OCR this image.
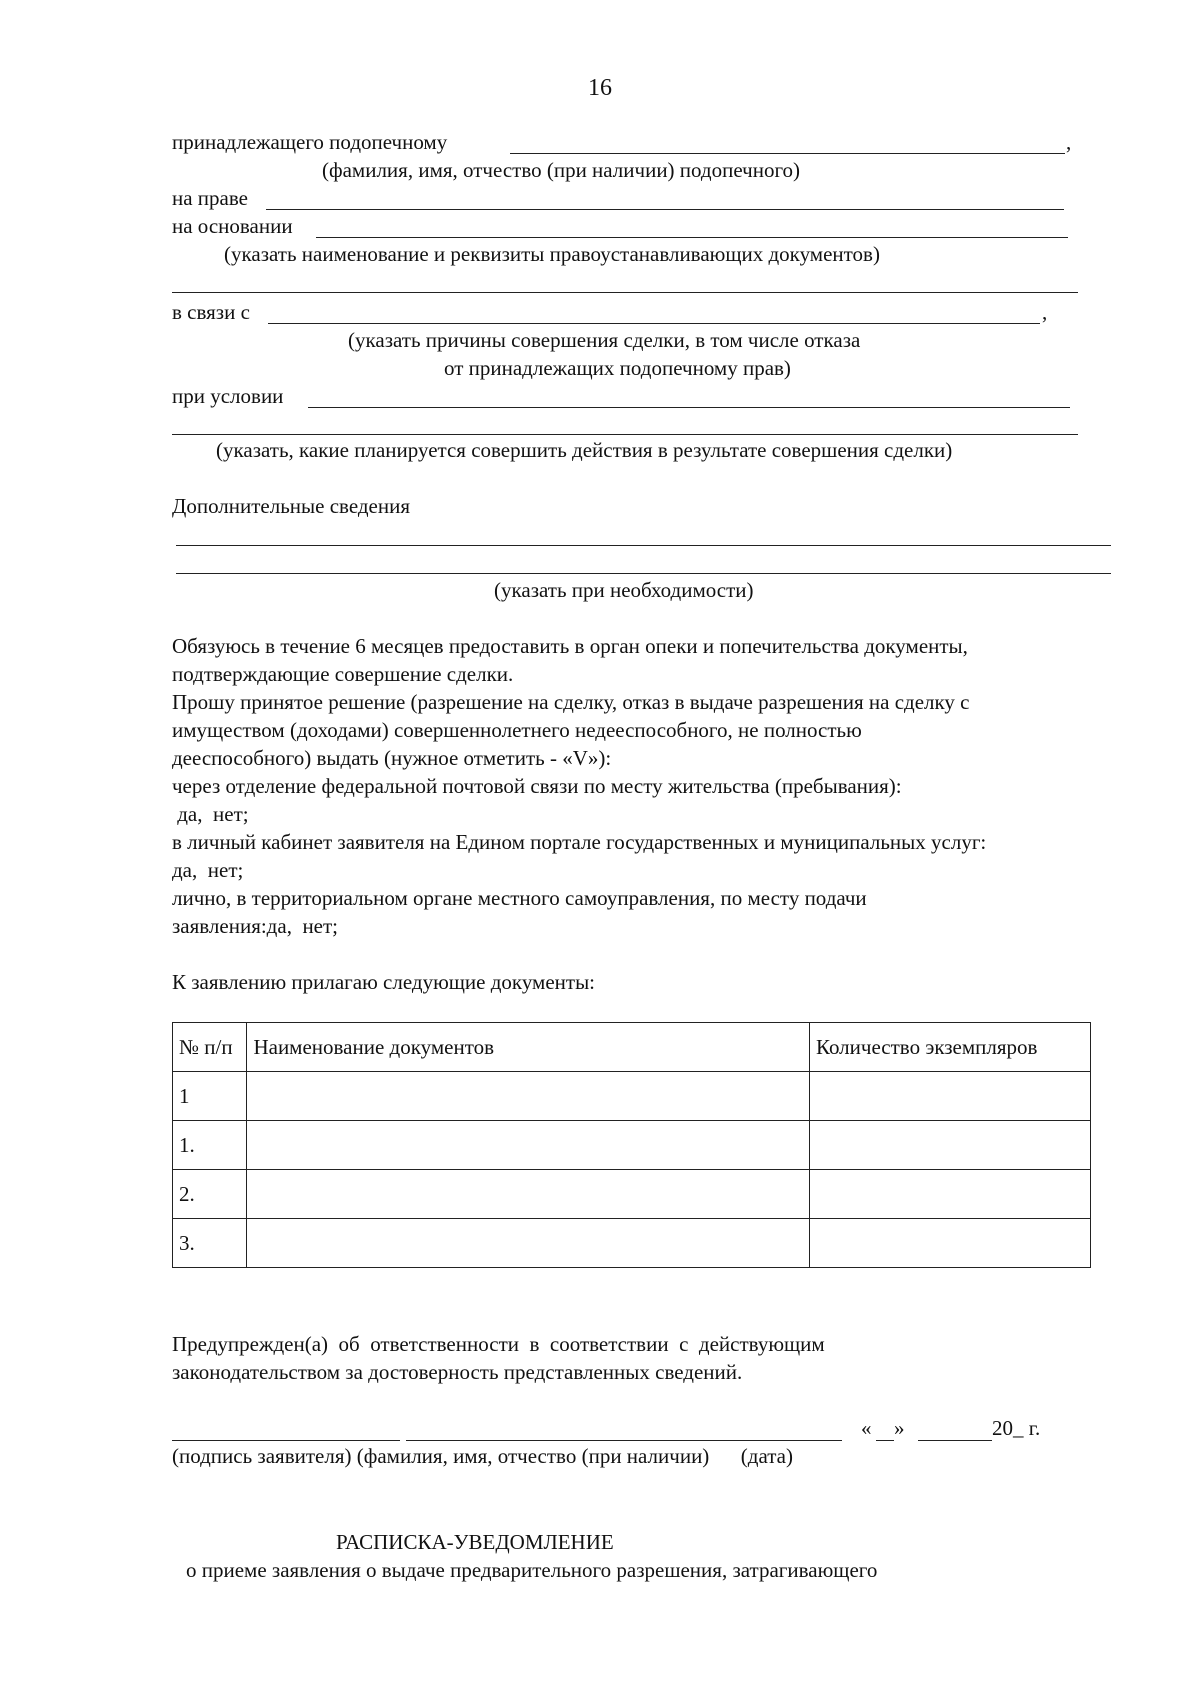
16
принадлежащего подопечному	,
(фамилия, имя, отчество (при наличии) подопечного)
на праве
на основании
(указать наименование и реквизиты правоустанавливающих документов)
в связи с	,
(указать причины совершения сделки, в том числе отказа
от принадлежащих подопечному прав)
при условии
(указать, какие планируется совершить действия в результате совершения сделки)
Дополнительные сведения
(указать при необходимости)
Обязуюсь в течение 6 месяцев предоставить в орган опеки и попечительства документы,
подтверждающие совершение сделки.
Прошу принятое решение (разрешение на сделку, отказ в выдаче разрешения на сделку с
имуществом (доходами) совершеннолетнего недееспособного, не полностью
дееспособного) выдать (нужное отметить - «V»):
через отделение федеральной почтовой связи по месту жительства (пребывания):
да,  нет;
в личный кабинет заявителя на Едином портале государственных и муниципальных услуг:
да,  нет;
лично, в территориальном органе местного самоуправления, по месту подачи
заявления:да,  нет;
К заявлению прилагаю следующие документы:
№ п/п	Наименование документов	Количество экземпляров
1		
1.		
2.		
3.		
Предупрежден(а)  об  ответственности  в  соответствии  с  действующим
законодательством за достоверность представленных сведений.
« »	20_ г.
(подпись заявителя) (фамилия, имя, отчество (при наличии)      (дата)
РАСПИСКА-УВЕДОМЛЕНИЕ
о приеме заявления о выдаче предварительного разрешения, затрагивающего
